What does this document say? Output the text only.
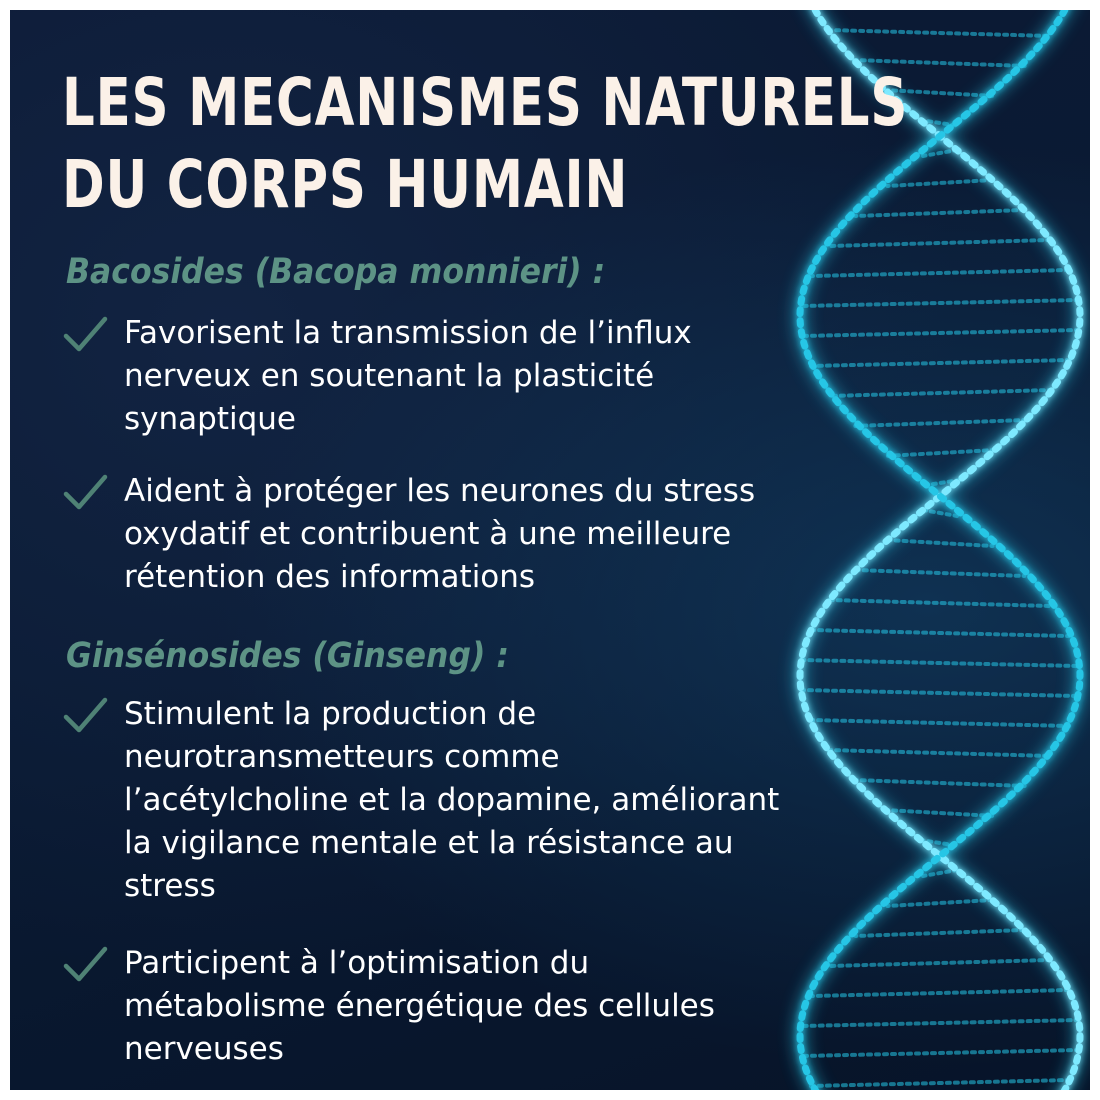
LES MECANISMES NATURELS
DU CORPS HUMAIN
Bacosides (Bacopa monnieri) :

Favorisent la transmission de l’influx nerveux en soutenant la plasticité synaptique

Aident à protéger les neurones du stress oxydatif et contribuent à une meilleure rétention des informations

Ginsénosides (Ginseng) :

Stimulent la production de neurotransmetteurs comme l’acétylcholine et la dopamine, améliorant la vigilance mentale et la résistance au stress

Participent à l’optimisation du métabolisme énergétique des cellules nerveuses
